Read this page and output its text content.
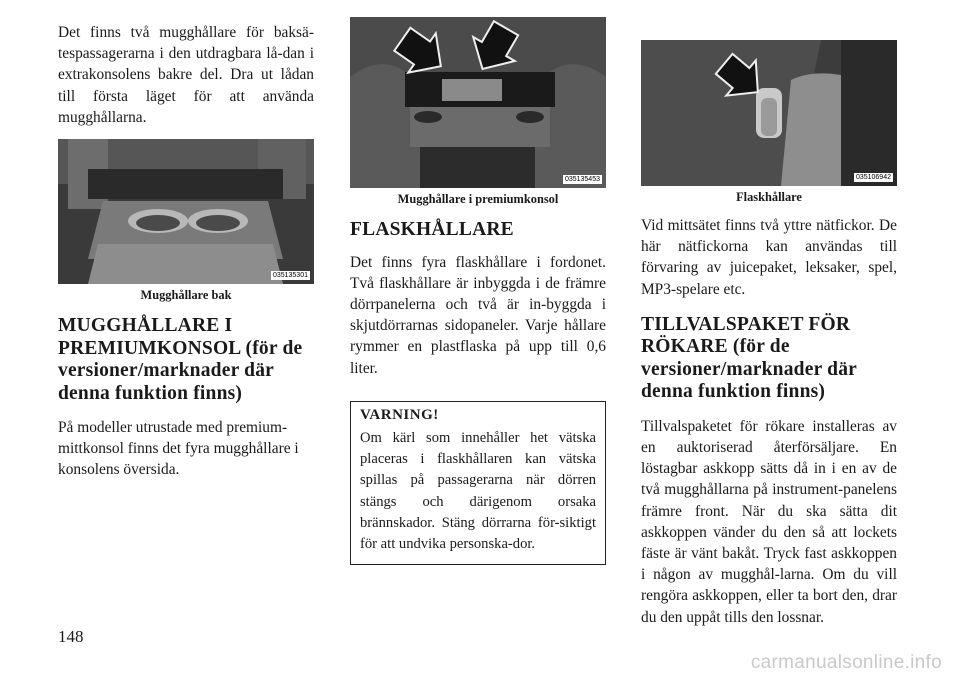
Det finns två mugghållare för baksä-tespassagerarna i den utdragbara lå-dan i extrakonsolens bakre del. Dra ut lådan till första läget för att använda mugghållarna.

035135301
Mugghållare bak
MUGGHÅLLARE I PREMIUMKONSOL (för de versioner/marknader där denna funktion finns)

På modeller utrustade med premium-mittkonsol finns det fyra mugghållare i konsolens översida.

035135453
Mugghållare i premiumkonsol
FLASKHÅLLARE

Det finns fyra flaskhållare i fordonet. Två flaskhållare är inbyggda i de främre dörrpanelerna och två är in-byggda i skjutdörrarnas sidopaneler. Varje hållare rymmer en plastflaska på upp till 0,6 liter.

VARNING!

Om kärl som innehåller het vätska placeras i flaskhållaren kan vätska spillas på passagerarna när dörren stängs och därigenom orsaka brännskador. Stäng dörrarna för-siktigt för att undvika personska-dor.

035106942
Flaskhållare

Vid mittsätet finns två yttre nätfickor. De här nätfickorna kan användas till förvaring av juicepaket, leksaker, spel, MP3-spelare etc.

TILLVALSPAKET FÖR RÖKARE (för de versioner/marknader där denna funktion finns)

Tillvalspaketet för rökare installeras av en auktoriserad återförsäljare. En löstagbar askkopp sätts då in i en av de två mugghållarna på instrument-panelens främre front. När du ska sätta dit askkoppen vänder du den så att lockets fäste är vänt bakåt. Tryck fast askkoppen i någon av mugghål-larna. Om du vill rengöra askkoppen, eller ta bort den, drar du den uppåt tills den lossnar.

148
carmanualsonline.info
